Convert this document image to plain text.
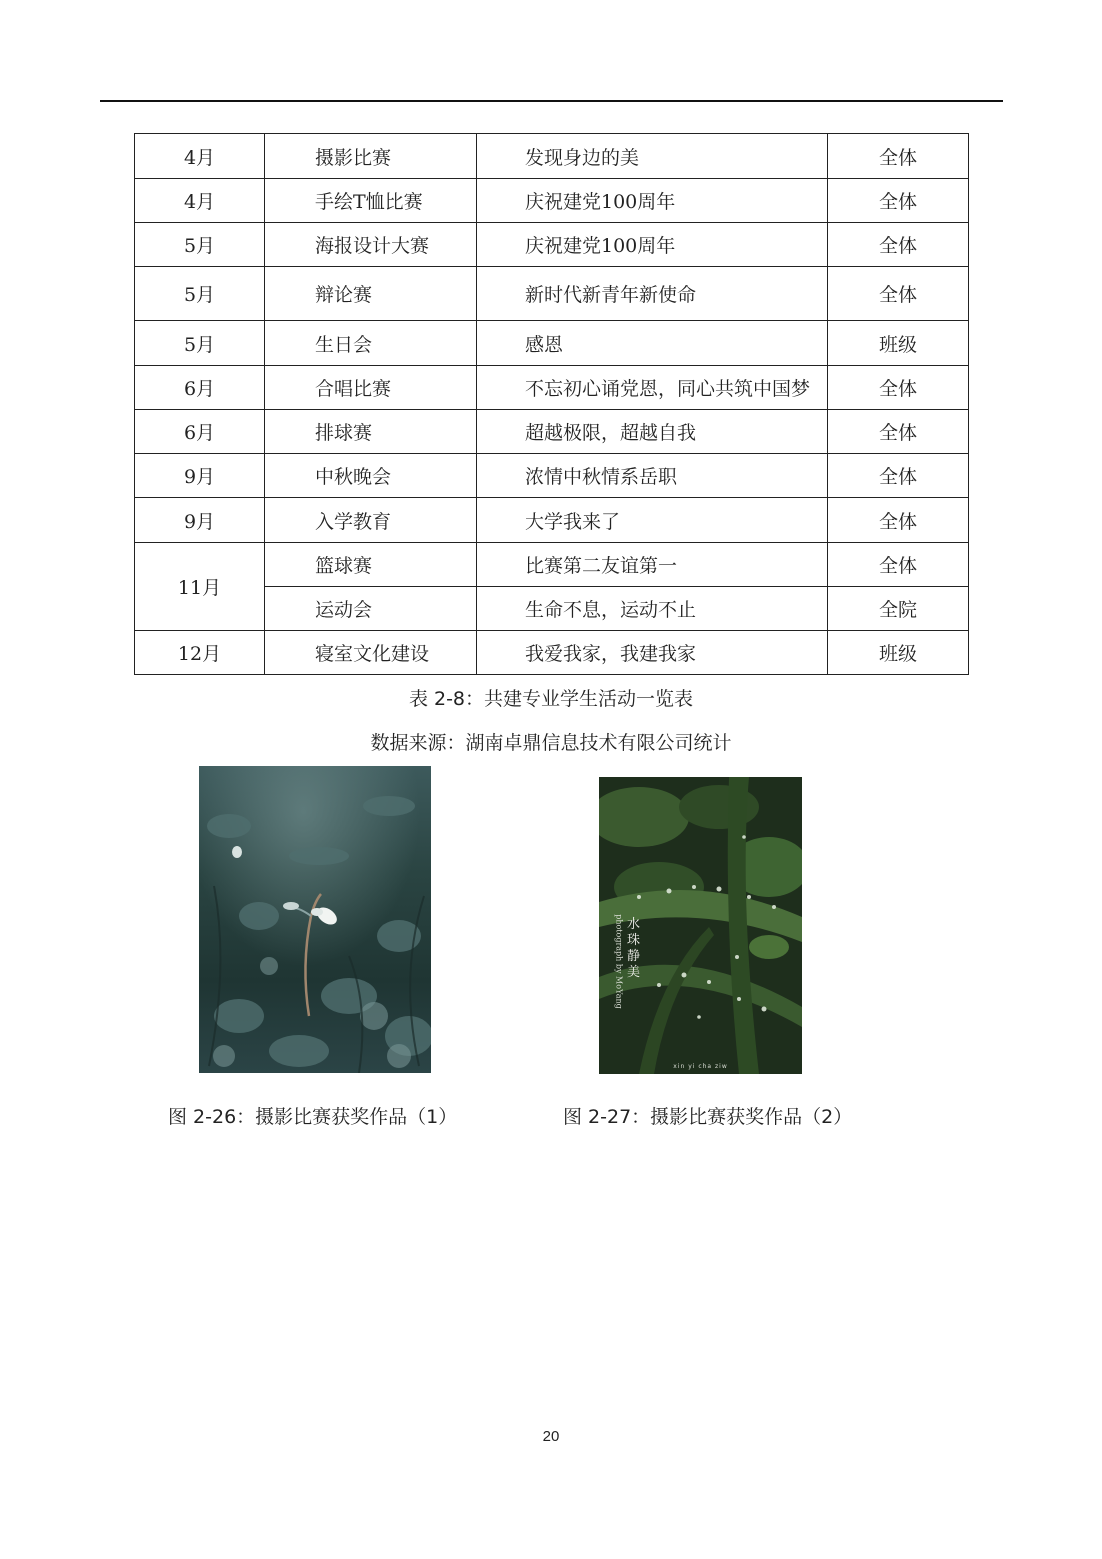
4月	摄影比赛	发现身边的美	全体
4月	手绘T恤比赛	庆祝建党100周年	全体
5月	海报设计大赛	庆祝建党100周年	全体
5月	辩论赛	新时代新青年新使命	全体
5月	生日会	感恩	班级
6月	合唱比赛	不忘初心诵党恩，同心共筑中国梦	全体
6月	排球赛	超越极限，超越自我	全体
9月	中秋晚会	浓情中秋情系岳职	全体
9月	入学教育	大学我来了	全体
11月	篮球赛	比赛第二友谊第一	全体
	运动会	生命不息，运动不止	全院
12月	寝室文化建设	我爱我家，我建我家	班级
表 2-8：共建专业学生活动一览表
数据来源：湖南卓鼎信息技术有限公司统计
水珠 静美
photograph by MoYang
xin yi cha ziw
图 2-26：摄影比赛获奖作品（1）	图 2-27：摄影比赛获奖作品（2）
20
